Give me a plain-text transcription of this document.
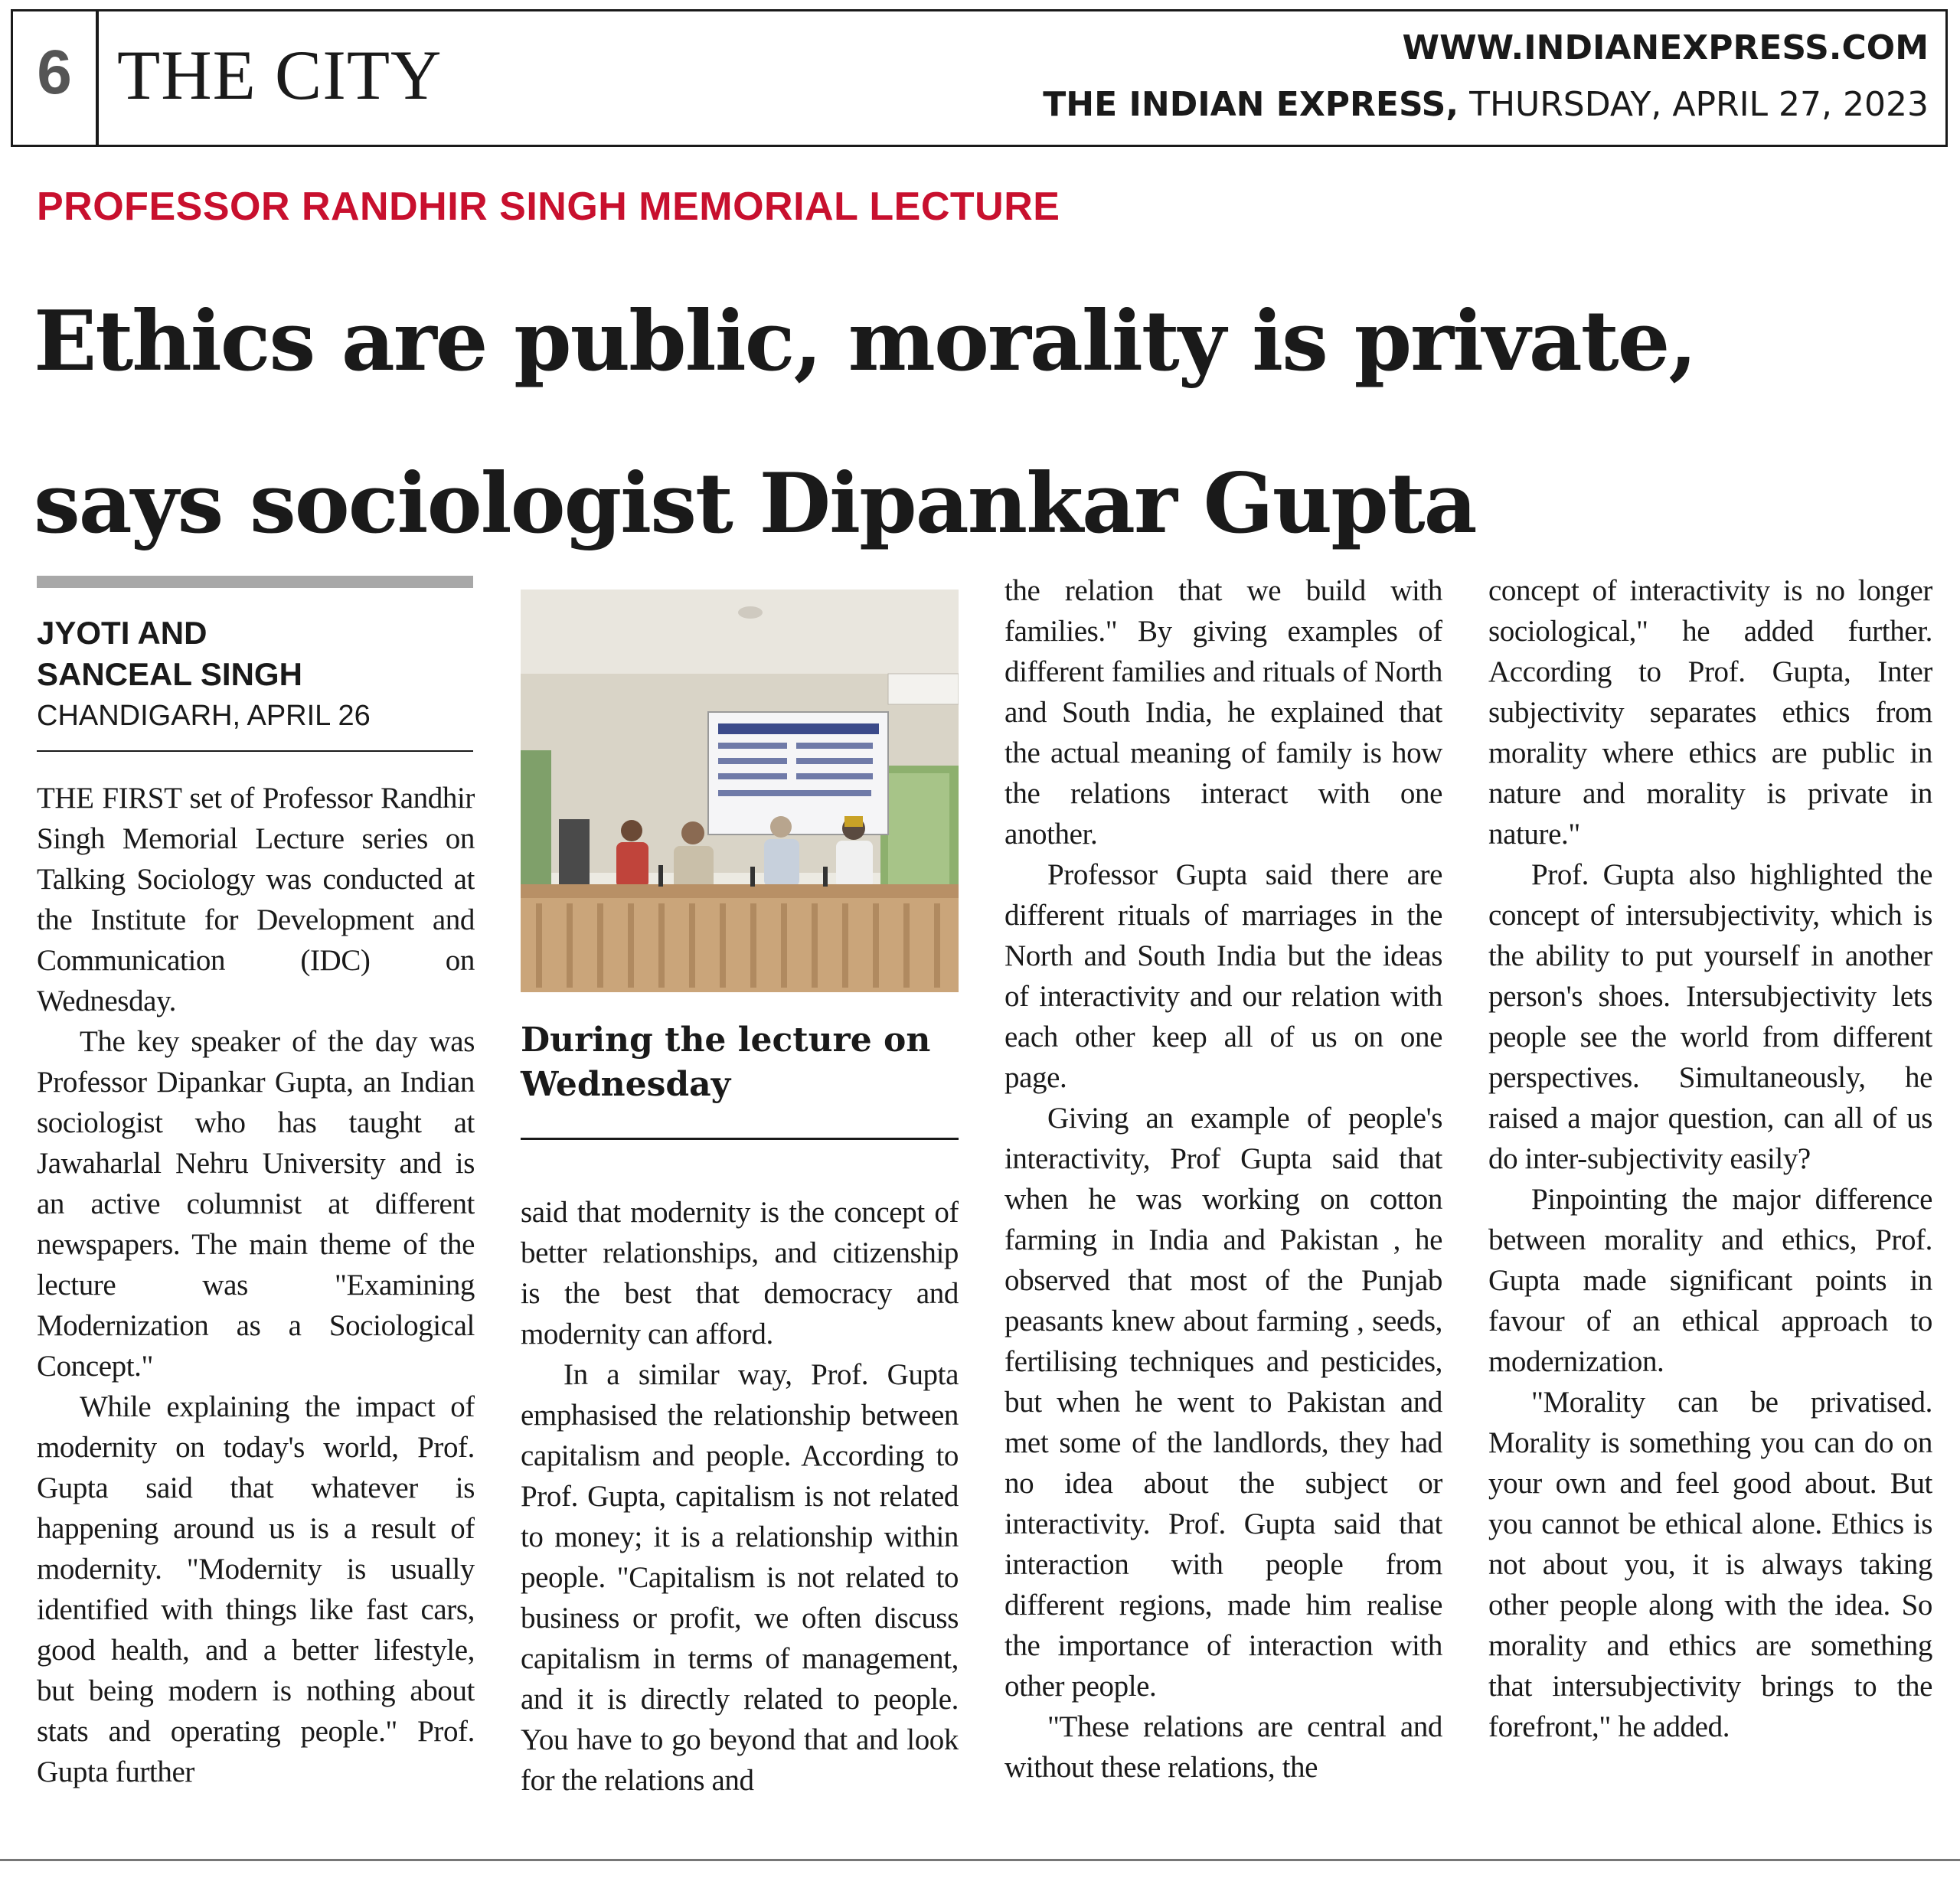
6 THE CITY	WWW.INDIANEXPRESS.COM
THE INDIAN EXPRESS, THURSDAY, APRIL 27, 2023
PROFESSOR RANDHIR SINGH MEMORIAL LECTURE
Ethics are public, morality is private,
says sociologist Dipankar Gupta
JYOTI AND
SANCEAL SINGH
CHANDIGARH, APRIL 26

THE FIRST set of Professor Randhir Singh Memorial Lecture series on Talking Sociology was conducted at the Institute for Development and Communication (IDC) on Wednesday.

The key speaker of the day was Professor Dipankar Gupta, an Indian sociologist who has taught at Jawaharlal Nehru University and is an active columnist at different newspapers. The main theme of the lecture was "Examining Modernization as a Sociological Concept."

While explaining the impact of modernity on today's world, Prof. Gupta said that whatever is happening around us is a result of modernity. "Modernity is usually identified with things like fast cars, good health, and a better lifestyle, but being modern is nothing about stats and operating people." Prof. Gupta further

During the lecture on Wednesday

said that modernity is the concept of better relationships, and citizenship is the best that democracy and modernity can afford.

In a similar way, Prof. Gupta emphasised the relationship between capitalism and people. According to Prof. Gupta, capitalism is not related to money; it is a relationship within people. "Capitalism is not related to business or profit, we often discuss capitalism in terms of management, and it is directly related to people. You have to go beyond that and look for the relations and

the relation that we build with families." By giving examples of different families and rituals of North and South India, he explained that the actual meaning of family is how the relations interact with one another.

Professor Gupta said there are different rituals of marriages in the North and South India but the ideas of interactivity and our relation with each other keep all of us on one page.

Giving an example of people's interactivity, Prof Gupta said that when he was working on cotton farming in India and Pakistan , he observed that most of the Punjab peasants knew about farming , seeds, fertilising techniques and pesticides, but when he went to Pakistan and met some of the landlords, they had no idea about the subject or interactivity. Prof. Gupta said that interaction with people from different regions, made him realise the importance of interaction with other people.

"These relations are central and without these relations, the

concept of interactivity is no longer sociological," he added further. According to Prof. Gupta, Inter subjectivity separates ethics from morality where ethics are public in nature and morality is private in nature."

Prof. Gupta also highlighted the concept of intersubjectivity, which is the ability to put yourself in another person's shoes. Intersubjectivity lets people see the world from different perspectives. Simultaneously, he raised a major question, can all of us do inter-subjectivity easily?

Pinpointing the major difference between morality and ethics, Prof. Gupta made significant points in favour of an ethical approach to modernization.

"Morality can be privatised. Morality is something you can do on your own and feel good about. But you cannot be ethical alone. Ethics is not about you, it is always taking other people along with the idea. So morality and ethics are something that intersubjectivity brings to the forefront," he added.
